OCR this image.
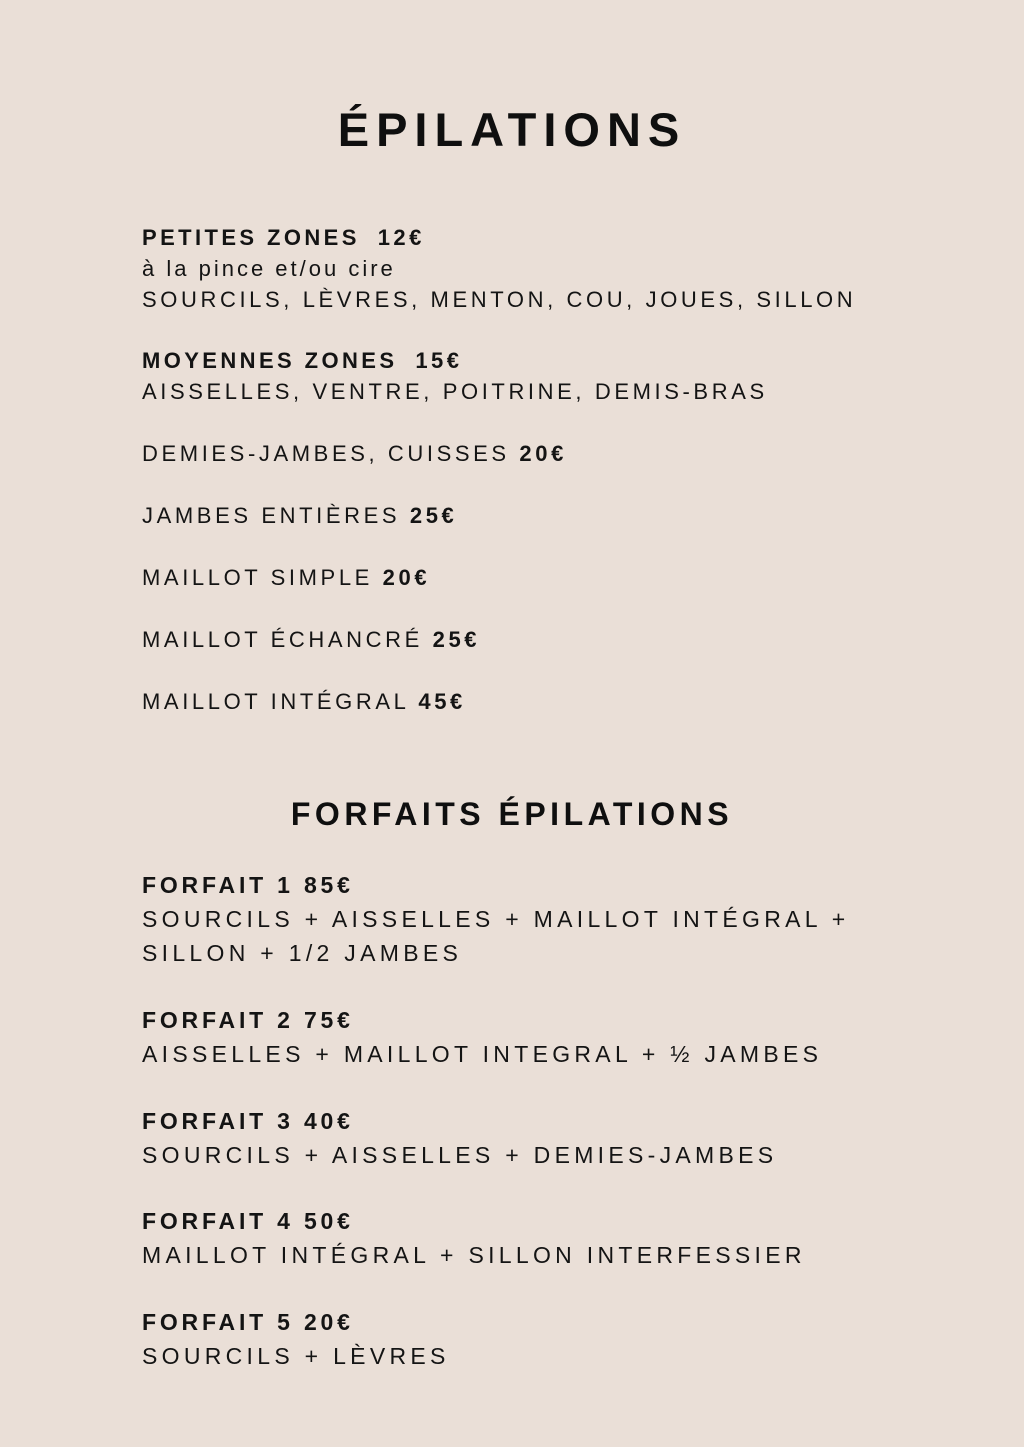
ÉPILATIONS
PETITES ZONES 12€
à la pince et/ou cire
SOURCILS, LÈVRES, MENTON, COU, JOUES, SILLON
MOYENNES ZONES 15€
AISSELLES, VENTRE, POITRINE, DEMIS-BRAS
DEMIES-JAMBES, CUISSES 20€
JAMBES ENTIÈRES 25€
MAILLOT SIMPLE 20€
MAILLOT ÉCHANCRÉ 25€
MAILLOT INTÉGRAL 45€
FORFAITS ÉPILATIONS
FORFAIT 1 85€
SOURCILS + AISSELLES + MAILLOT INTÉGRAL +
SILLON + 1/2 JAMBES
FORFAIT 2 75€
AISSELLES + MAILLOT INTEGRAL + ½ JAMBES
FORFAIT 3 40€
SOURCILS + AISSELLES + DEMIES-JAMBES
FORFAIT 4 50€
MAILLOT INTÉGRAL + SILLON INTERFESSIER
FORFAIT 5 20€
SOURCILS + LÈVRES
